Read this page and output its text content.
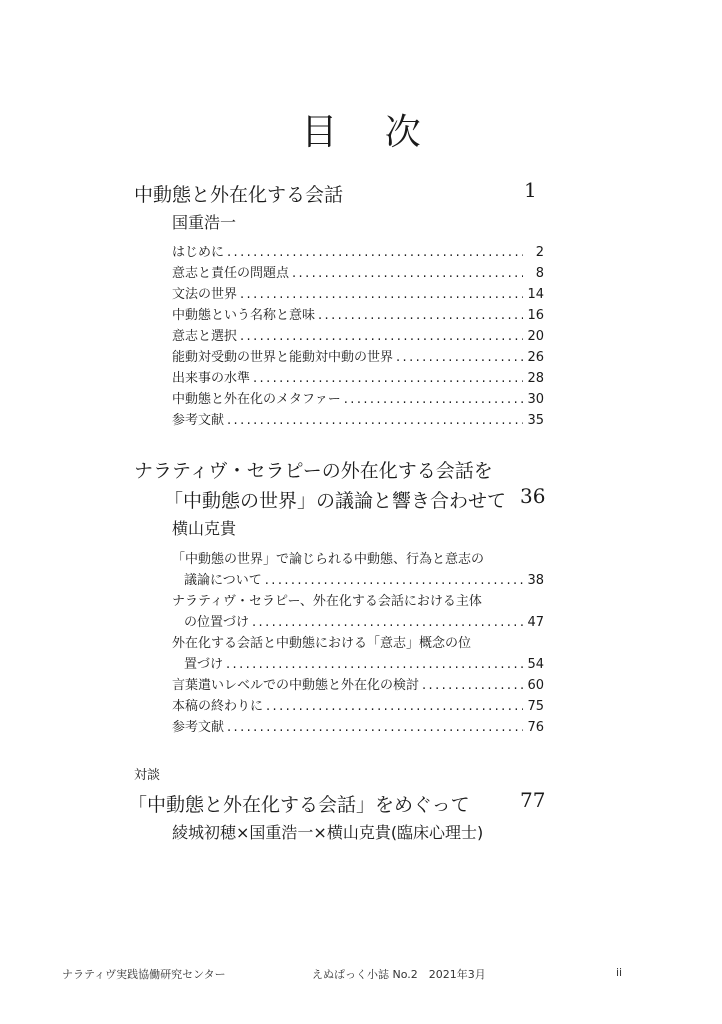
目 次
中動態と外在化する会話	1
国重浩一
はじめに .....	2
意志と責任の問題点 .....	8
文法の世界 .....	14
中動態という名称と意味 .....	16
意志と選択 .....	20
能動対受動の世界と能動対中動の世界 .....	26
出来事の水準 .....	28
中動態と外在化のメタファー .....	30
参考文献 .....	35
ナラティヴ・セラピーの外在化する会話を
「中動態の世界」の議論と響き合わせて 36
横山克貴
「中動態の世界」で論じられる中動態、行為と意志の
議論について .....	38
ナラティヴ・セラピー、外在化する会話における主体
の位置づけ .....	47
外在化する会話と中動態における「意志」概念の位
置づけ .....	54
言葉遣いレベルでの中動態と外在化の検討 .....	60
本稿の終わりに .....	75
参考文献 .....	76
対談
「中動態と外在化する会話」をめぐって	77
綾城初穂×国重浩一×横山克貴(臨床心理士)
ナラティヴ実践協働研究センター	えぬぱっく小誌 No.2　2021年3月	ii
